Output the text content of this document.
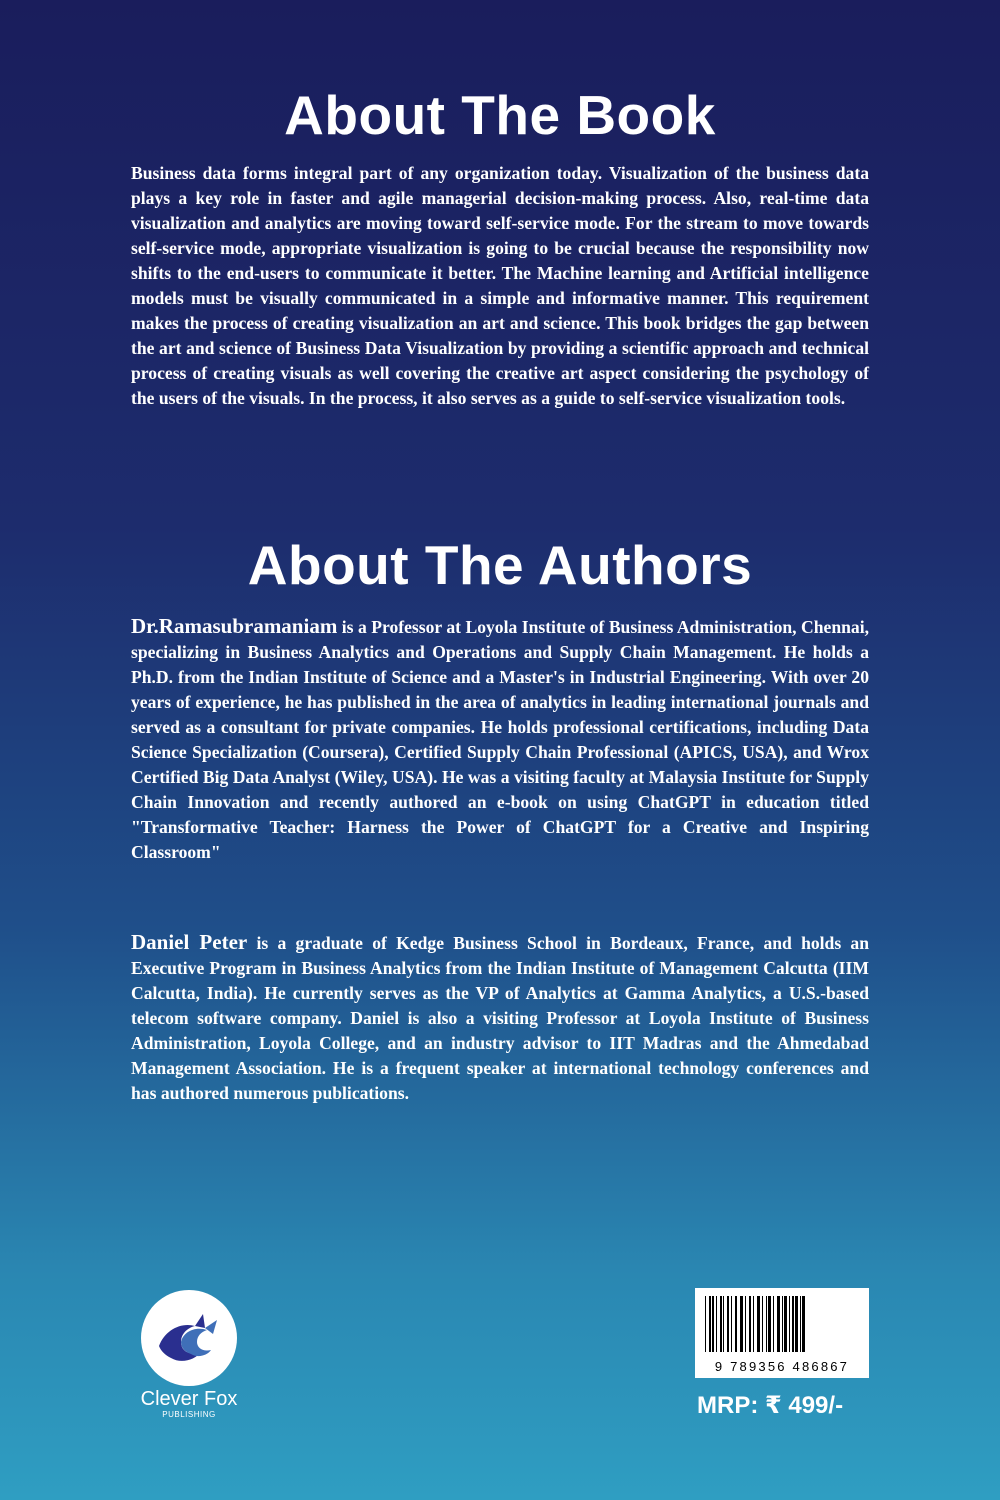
About The Book

Business data forms integral part of any organization today. Visualization of the business data plays a key role in faster and agile managerial decision-making process. Also, real-time data visualization and analytics are moving toward self-service mode. For the stream to move towards self-service mode, appropriate visualization is going to be crucial because the responsibility now shifts to the end-users to communicate it better. The Machine learning and Artificial intelligence models must be visually communicated in a simple and informative manner. This requirement makes the process of creating visualization an art and science. This book bridges the gap between the art and science of Business Data Visualization by providing a scientific approach and technical process of creating visuals as well covering the creative art aspect considering the psychology of the users of the visuals. In the process, it also serves as a guide to self-service visualization tools.

About The Authors

Dr.Ramasubramaniam is a Professor at Loyola Institute of Business Administration, Chennai, specializing in Business Analytics and Operations and Supply Chain Management. He holds a Ph.D. from the Indian Institute of Science and a Master's in Industrial Engineering. With over 20 years of experience, he has published in the area of analytics in leading international journals and served as a consultant for private companies. He holds professional certifications, including Data Science Specialization (Coursera), Certified Supply Chain Professional (APICS, USA), and Wrox Certified Big Data Analyst (Wiley, USA). He was a visiting faculty at Malaysia Institute for Supply Chain Innovation and recently authored an e-book on using ChatGPT in education titled "Transformative Teacher: Harness the Power of ChatGPT for a Creative and Inspiring Classroom"

Daniel Peter is a graduate of Kedge Business School in Bordeaux, France, and holds an Executive Program in Business Analytics from the Indian Institute of Management Calcutta (IIM Calcutta, India). He currently serves as the VP of Analytics at Gamma Analytics, a U.S.-based telecom software company. Daniel is also a visiting Professor at Loyola Institute of Business Administration, Loyola College, and an industry advisor to IIT Madras and the Ahmedabad Management Association. He is a frequent speaker at international technology conferences and has authored numerous publications.

Clever Fox
PUBLISHING
9 789356 486867
MRP: ₹ 499/-
